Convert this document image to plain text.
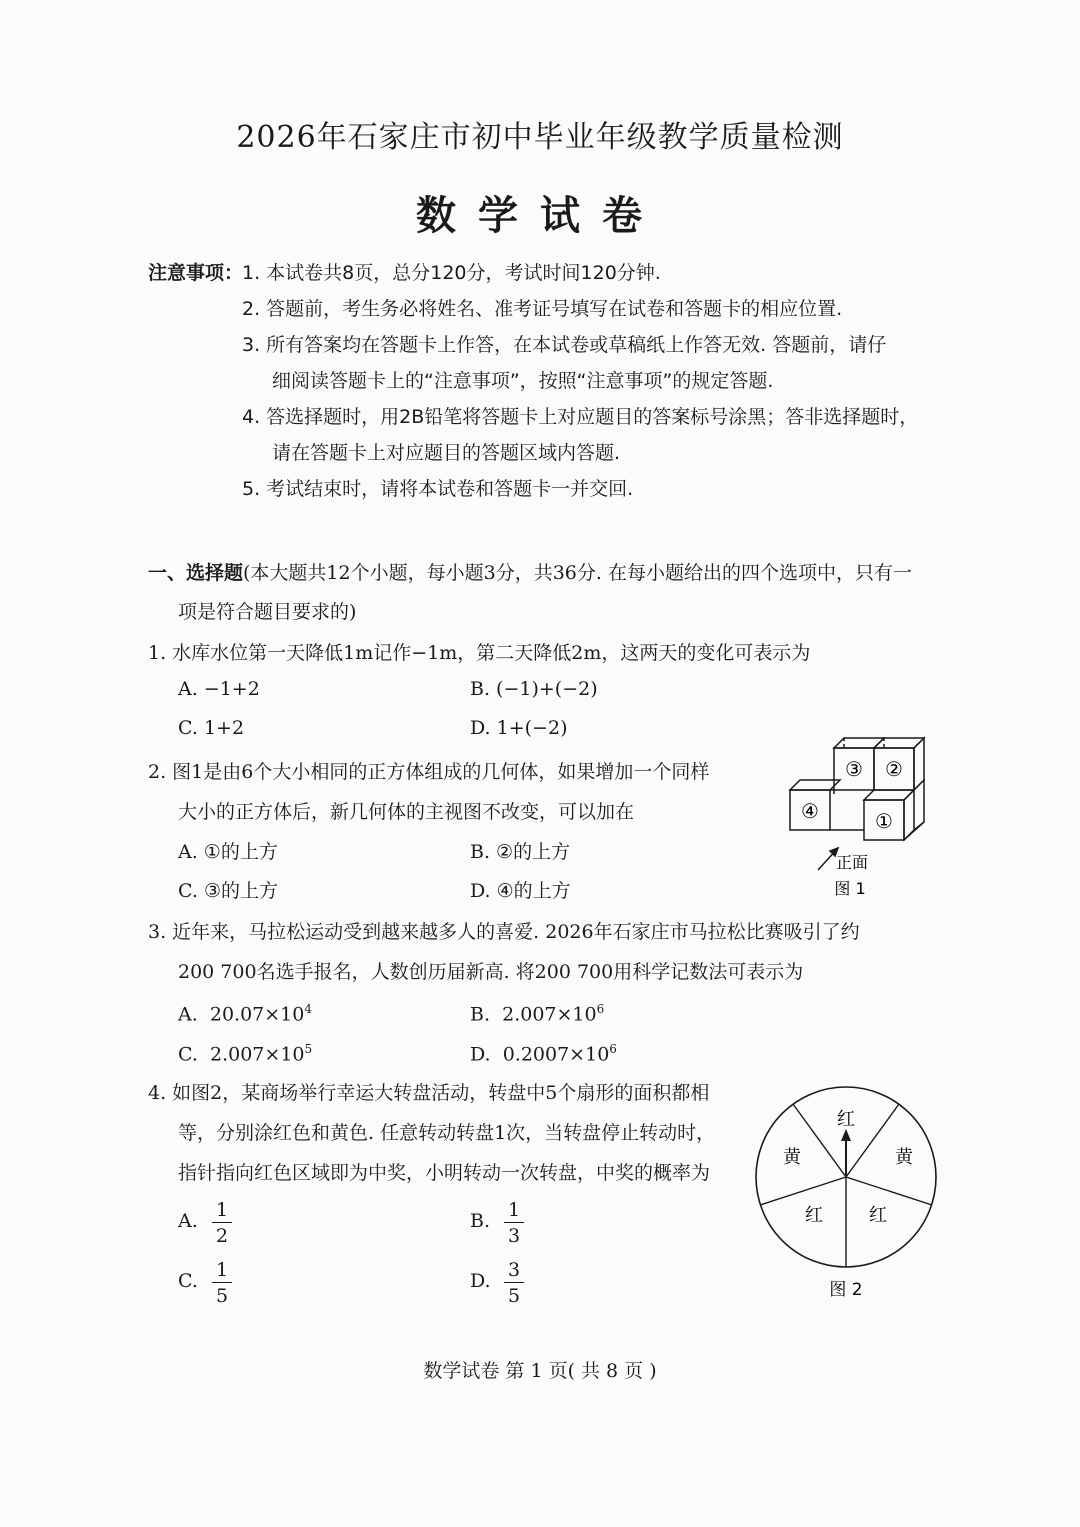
2026年石家庄市初中毕业年级教学质量检测
数学试卷
注意事项：
1. 本试卷共8页，总分120分，考试时间120分钟.
2. 答题前，考生务必将姓名、准考证号填写在试卷和答题卡的相应位置.
3. 所有答案均在答题卡上作答，在本试卷或草稿纸上作答无效. 答题前，请仔
细阅读答题卡上的“注意事项”，按照“注意事项”的规定答题.
4. 答选择题时，用2B铅笔将答题卡上对应题目的答案标号涂黑；答非选择题时，
请在答题卡上对应题目的答题区域内答题.
5. 考试结束时，请将本试卷和答题卡一并交回.
一、选择题(本大题共12个小题，每小题3分，共36分. 在每小题给出的四个选项中，只有一
项是符合题目要求的)
1. 水库水位第一天降低1m记作−1m，第二天降低2m，这两天的变化可表示为
A. −1+2	B. (−1)+(−2)
C. 1+2	D. 1+(−2)
2. 图1是由6个大小相同的正方体组成的几何体，如果增加一个同样
大小的正方体后，新几何体的主视图不改变，可以加在
A. ①的上方	B. ②的上方
C. ③的上方	D. ④的上方
③ ②
④	①
正面
图 1
3. 近年来，马拉松运动受到越来越多人的喜爱. 2026年石家庄市马拉松比赛吸引了约
200 700名选手报名，人数创历届新高. 将200 700用科学记数法可表示为
A. $20.07\times 10^4$	B. $2.007\times 10^6$
C. $2.007\times 10^5$	D. $0.2007\times 10^6$
4. 如图2，某商场举行幸运大转盘活动，转盘中5个扇形的面积都相
等，分别涂红色和黄色. 任意转动转盘1次，当转盘停止转动时，
指针指向红色区域即为中奖，小明转动一次转盘，中奖的概率为
A. $\frac{1}{2}$	B. $\frac{1}{3}$
C. $\frac{1}{5}$	D. $\frac{3}{5}$
红
黄	黄
红	红
图 2
数学试卷 第 1 页( 共 8 页 )
